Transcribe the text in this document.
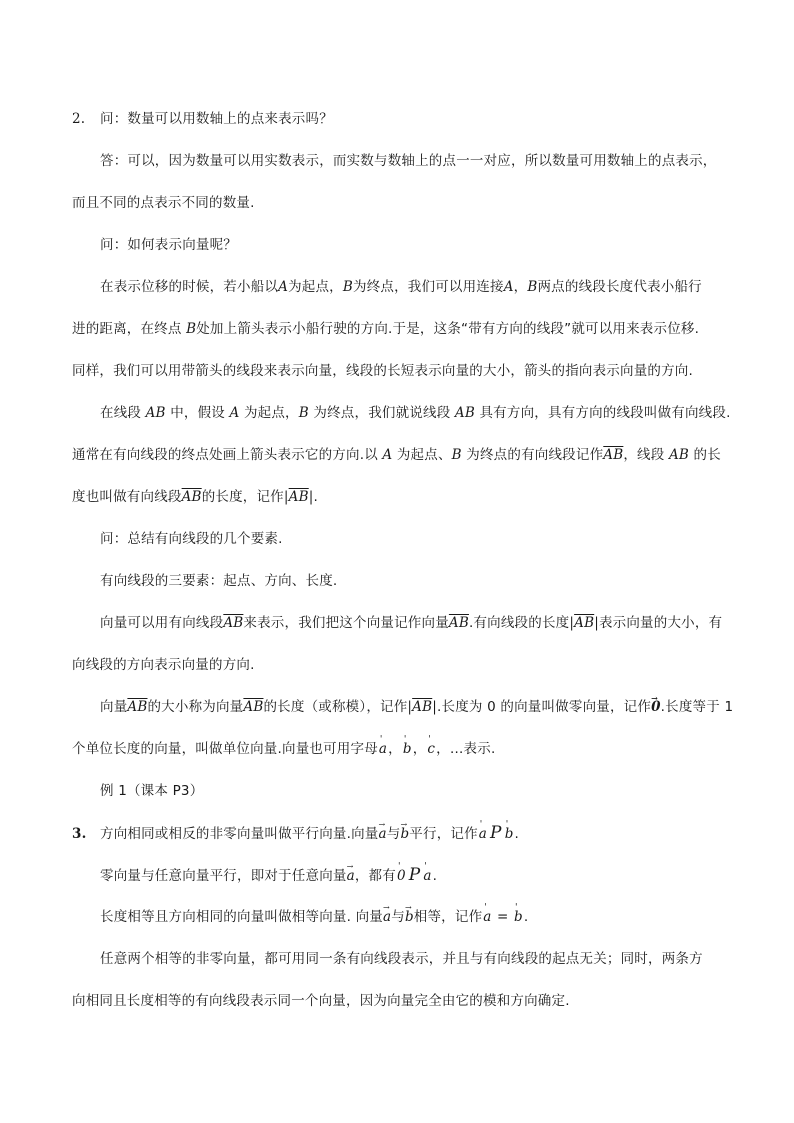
2. 问：数量可以用数轴上的点来表示吗？
答：可以，因为数量可以用实数表示，而实数与数轴上的点一一对应，所以数量可用数轴上的点表示，
而且不同的点表示不同的数量.
问：如何表示向量呢？
在表示位移的时候，若小船以A为起点，B为终点，我们可以用连接A，B两点的线段长度代表小船行
进的距离，在终点 B处加上箭头表示小船行驶的方向.于是，这条“带有方向的线段”就可以用来表示位移.
同样，我们可以用带箭头的线段来表示向量，线段的长短表示向量的大小，箭头的指向表示向量的方向.
在线段 AB 中，假设 A 为起点，B 为终点，我们就说线段 AB 具有方向，具有方向的线段叫做有向线段.
通常在有向线段的终点处画上箭头表示它的方向.以 A 为起点、B 为终点的有向线段记作$\overline{AB}$，线段 AB 的长
度也叫做有向线段$\overline{AB}$的长度，记作$|\overline{AB}|$.
问：总结有向线段的几个要素.
有向线段的三要素：起点、方向、长度.
向量可以用有向线段$\overline{AB}$来表示，我们把这个向量记作向量$\overline{AB}$.有向线段的长度$|\overline{AB}|$表示向量的大小，有
向线段的方向表示向量的方向.
向量$\overline{AB}$的大小称为向量$\overline{AB}$的长度（或称模），记作$|\overline{AB}|$.长度为 0 的向量叫做零向量，记作→ 0.长度等于 1
个单位长度的向量，叫做单位向量.向量也可用字母' a，' b，' c，…表示.
例 1（课本 P3）
3. 方向相同或相反的非零向量叫做平行向量.向量→ a与→ b平行，记作' a P ' b.
零向量与任意向量平行，即对于任意向量→ a，都有' 0 P ' a.
长度相等且方向相同的向量叫做相等向量. 向量→ a与→ b相等，记作' a = ' b.
任意两个相等的非零向量，都可用同一条有向线段表示，并且与有向线段的起点无关；同时，两条方
向相同且长度相等的有向线段表示同一个向量，因为向量完全由它的模和方向确定.
